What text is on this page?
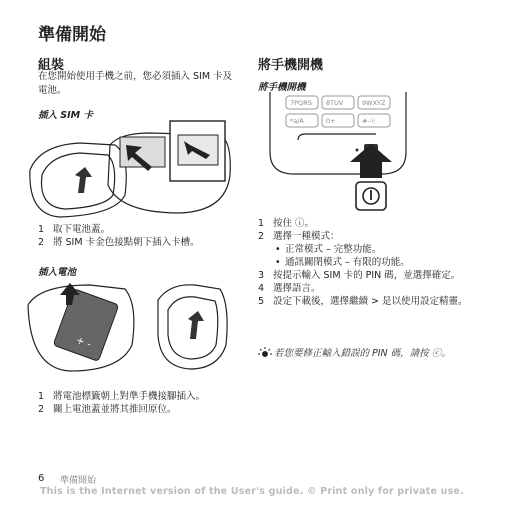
準備開始
組裝
在您開始使用手機之前，您必須插入 SIM 卡及電池。
插入 SIM 卡
1 取下電池蓋。
2 將 SIM 卡金色接點朝下插入卡槽。
插入電池
+ -
1 將電池標籤朝上對準手機接腳插入。
2 關上電池蓋並將其推回原位。
將手機開機
將手機開機
7PQRS 8TUV	9WXYZ
*a/A	0+	#-☉
1 按住 ⓘ。
2 選擇一種模式：
• 正常模式 – 完整功能。
• 通訊關閉模式 – 有限的功能。
3 按提示輸入 SIM 卡的 PIN 碼，並選擇確定。
4 選擇語言。
5 設定下載後，選擇繼續 > 是以使用設定精靈。
若您要修正輸入錯誤的 PIN 碼，請按 ⓒ。
6 準備開始
This is the Internet version of the User's guide. © Print only for private use.
